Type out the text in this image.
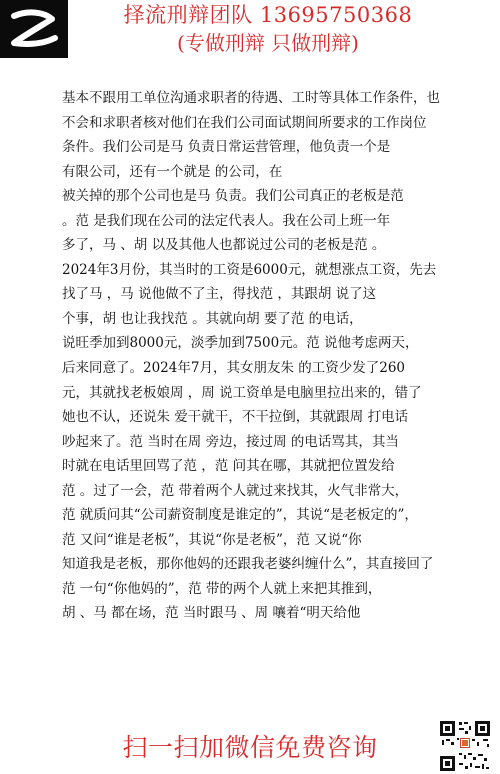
择流刑辩团队 13695750368
(专做刑辩 只做刑辩)
基本不跟用工单位沟通求职者的待遇、工时等具体工作条件，也
不会和求职者核对他们在我们公司面试期间所要求的工作岗位
条件。我们公司是马 负责日常运营管理，他负责一个是
有限公司，还有一个就是 的公司，在
被关掉的那个公司也是马 负责。我们公司真正的老板是范
。范 是我们现在公司的法定代表人。我在公司上班一年
多了，马 、胡 以及其他人也都说过公司的老板是范 。
2024年3月份，其当时的工资是6000元，就想涨点工资，先去
找了马 ，马 说他做不了主，得找范 ，其跟胡 说了这
个事，胡 也让我找范 。其就向胡 要了范 的电话，
说旺季加到8000元，淡季加到7500元。范 说他考虑两天，
后来同意了。2024年7月，其女朋友朱 的工资少发了260
元，其就找老板娘周 ，周 说工资单是电脑里拉出来的，错了
她也不认，还说朱 爱干就干，不干拉倒，其就跟周 打电话
吵起来了。范 当时在周 旁边，接过周 的电话骂其，其当
时就在电话里回骂了范 ，范 问其在哪，其就把位置发给
范 。过了一会，范 带着两个人就过来找其，火气非常大，
范 就质问其“公司薪资制度是谁定的”，其说“是老板定的”，
范 又问“谁是老板”，其说“你是老板”，范 又说“你
知道我是老板，那你他妈的还跟我老婆纠缠什么”，其直接回了
范 一句“你他妈的”，范 带的两个人就上来把其推到，
胡 、马 都在场，范 当时跟马 、周 嚷着“明天给他
扫一扫加微信免费咨询
